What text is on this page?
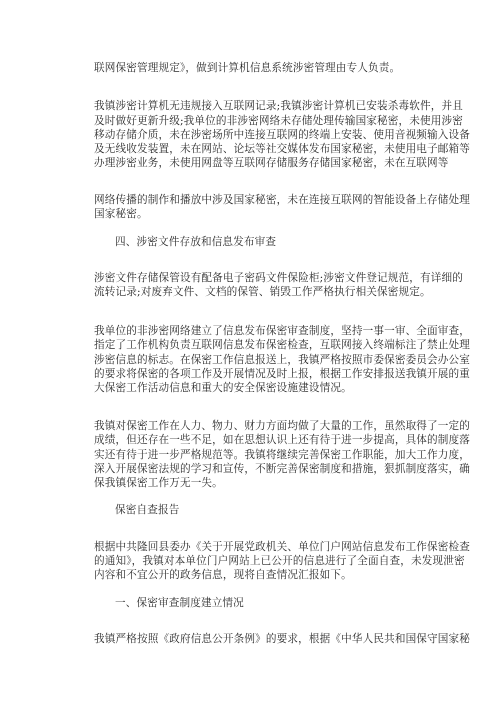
联网保密管理规定》，做到计算机信息系统涉密管理由专人负责。
我镇涉密计算机无违规接入互联网记录;我镇涉密计算机已安装杀毒软件，并且
及时做好更新升级;我单位的非涉密网络未存储处理传输国家秘密，未使用涉密
移动存储介质，未在涉密场所中连接互联网的终端上安装、使用音视频输入设备
及无线收发装置，未在网站、论坛等社交媒体发布国家秘密，未使用电子邮箱等
办理涉密业务，未使用网盘等互联网存储服务存储国家秘密，未在互联网等
网络传播的制作和播放中涉及国家秘密，未在连接互联网的智能设备上存储处理
国家秘密。
四、涉密文件存放和信息发布审查
涉密文件存储保管设有配备电子密码文件保险柜;涉密文件登记规范，有详细的
流转记录;对废弃文件、文档的保管、销毁工作严格执行相关保密规定。
我单位的非涉密网络建立了信息发布保密审查制度，坚持一事一审、全面审查，
指定了工作机构负责互联网信息发布保密检查，互联网接入终端标注了禁止处理
涉密信息的标志。在保密工作信息报送上，我镇严格按照市委保密委员会办公室
的要求将保密的各项工作及开展情况及时上报，根据工作安排报送我镇开展的重
大保密工作活动信息和重大的安全保密设施建设情况。
我镇对保密工作在人力、物力、财力方面均做了大量的工作，虽然取得了一定的
成绩，但还存在一些不足，如在思想认识上还有待于进一步提高，具体的制度落
实还有待于进一步严格规范等。我镇将继续完善保密工作职能，加大工作力度，
深入开展保密法规的学习和宣传，不断完善保密制度和措施，狠抓制度落实，确
保我镇保密工作万无一失。
保密自查报告
根据中共隆回县委办《关于开展党政机关、单位门户网站信息发布工作保密检查
的通知》，我镇对本单位门户网站上已公开的信息进行了全面自查，未发现泄密
内容和不宜公开的政务信息，现将自查情况汇报如下。
一、保密审查制度建立情况
我镇严格按照《政府信息公开条例》的要求，根据《中华人民共和国保守国家秘
